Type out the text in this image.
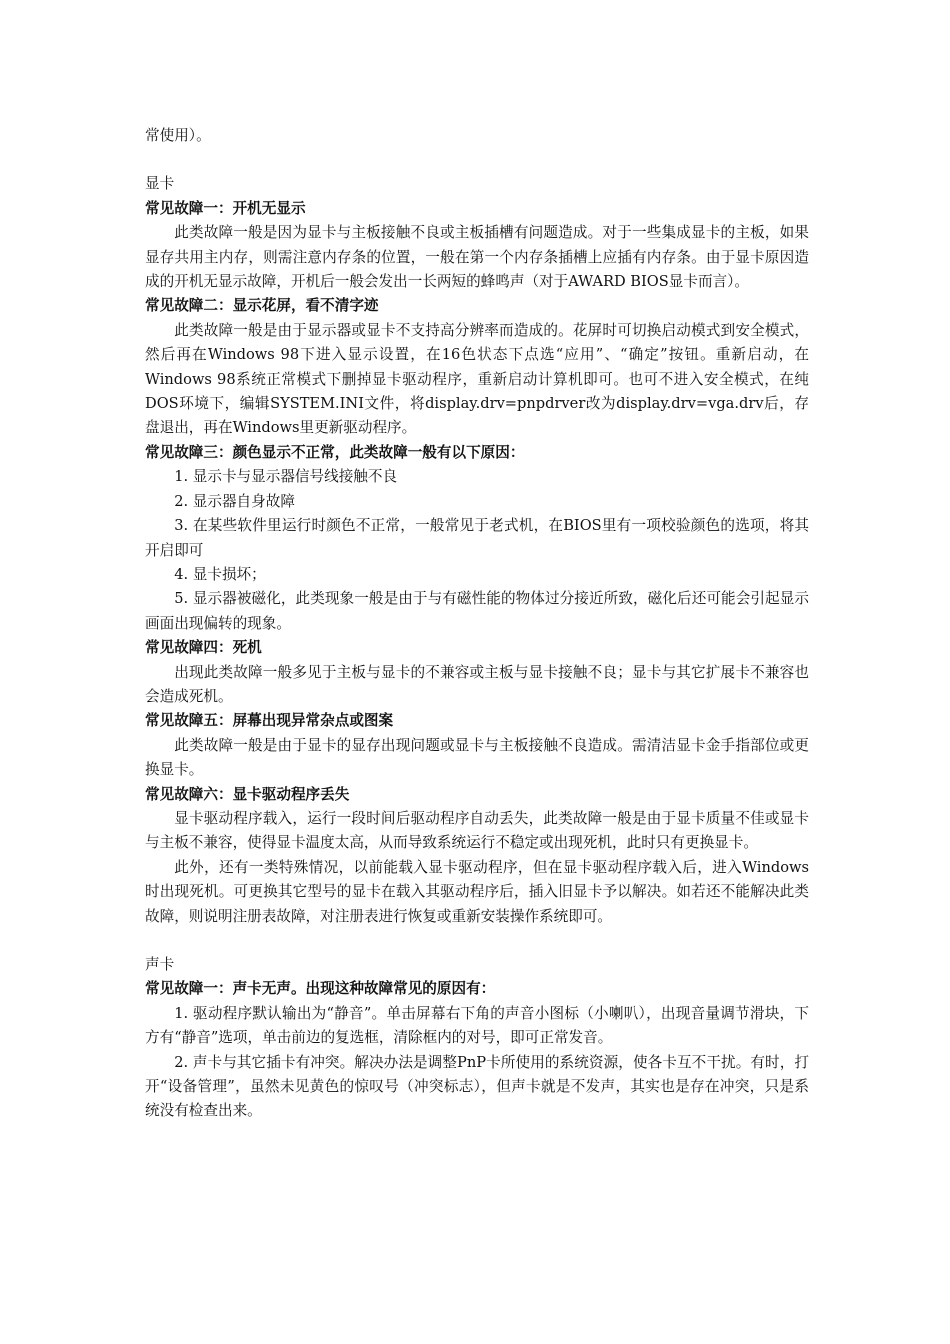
常使用）。

显卡

常见故障一：开机无显示

此类故障一般是因为显卡与主板接触不良或主板插槽有问题造成。对于一些集成显卡的主板，如果显存共用主内存，则需注意内存条的位置，一般在第一个内存条插槽上应插有内存条。由于显卡原因造成的开机无显示故障，开机后一般会发出一长两短的蜂鸣声（对于AWARD BIOS显卡而言）。

常见故障二：显示花屏，看不清字迹

此类故障一般是由于显示器或显卡不支持高分辨率而造成的。花屏时可切换启动模式到安全模式，然后再在Windows 98下进入显示设置，在16色状态下点选“应用”、“确定”按钮。重新启动，在Windows 98系统正常模式下删掉显卡驱动程序，重新启动计算机即可。也可不进入安全模式，在纯DOS环境下，编辑SYSTEM.INI文件，将display.drv=pnpdrver改为display.drv=vga.drv后，存盘退出，再在Windows里更新驱动程序。

常见故障三：颜色显示不正常，此类故障一般有以下原因：

1. 显示卡与显示器信号线接触不良

2. 显示器自身故障

3. 在某些软件里运行时颜色不正常，一般常见于老式机，在BIOS里有一项校验颜色的选项，将其开启即可

4. 显卡损坏；

5. 显示器被磁化，此类现象一般是由于与有磁性能的物体过分接近所致，磁化后还可能会引起显示画面出现偏转的现象。

常见故障四：死机

出现此类故障一般多见于主板与显卡的不兼容或主板与显卡接触不良；显卡与其它扩展卡不兼容也会造成死机。

常见故障五：屏幕出现异常杂点或图案

此类故障一般是由于显卡的显存出现问题或显卡与主板接触不良造成。需清洁显卡金手指部位或更换显卡。

常见故障六：显卡驱动程序丢失

显卡驱动程序载入，运行一段时间后驱动程序自动丢失，此类故障一般是由于显卡质量不佳或显卡与主板不兼容，使得显卡温度太高，从而导致系统运行不稳定或出现死机，此时只有更换显卡。

此外，还有一类特殊情况，以前能载入显卡驱动程序，但在显卡驱动程序载入后，进入Windows时出现死机。可更换其它型号的显卡在载入其驱动程序后，插入旧显卡予以解决。如若还不能解决此类故障，则说明注册表故障，对注册表进行恢复或重新安装操作系统即可。

声卡

常见故障一：声卡无声。出现这种故障常见的原因有：

1. 驱动程序默认输出为“静音”。单击屏幕右下角的声音小图标（小喇叭），出现音量调节滑块，下方有“静音”选项，单击前边的复选框，清除框内的对号，即可正常发音。

2. 声卡与其它插卡有冲突。解决办法是调整PnP卡所使用的系统资源，使各卡互不干扰。有时，打开“设备管理”，虽然未见黄色的惊叹号（冲突标志），但声卡就是不发声，其实也是存在冲突，只是系统没有检查出来。
